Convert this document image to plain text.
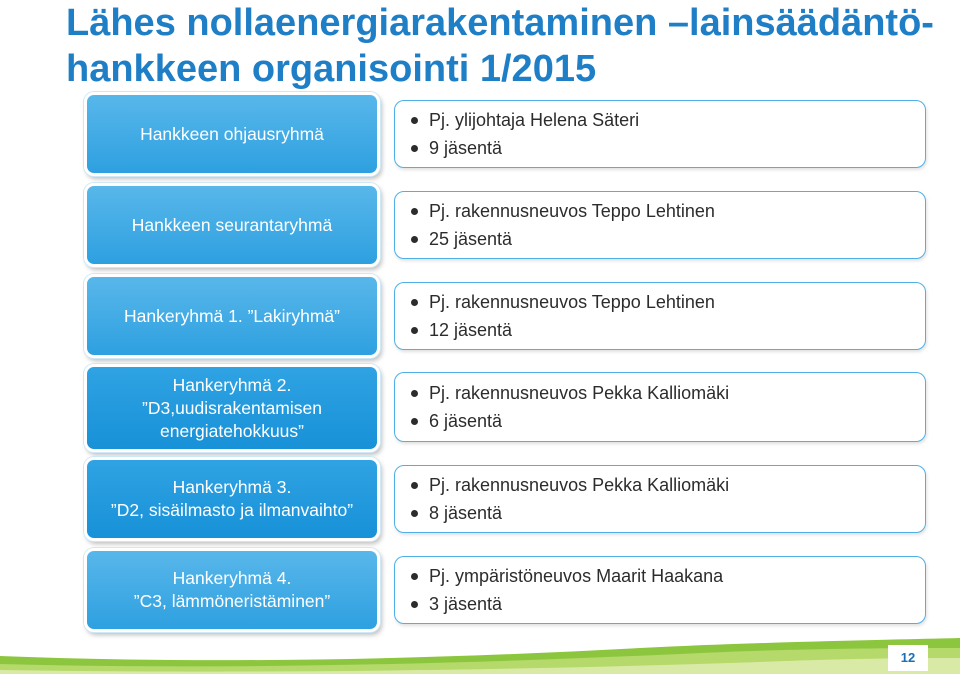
Lähes nollaenergiarakentaminen –lainsäädäntö-hankkeen organisointi 1/2015
Hankkeen ohjausryhmä
Pj. ylijohtaja Helena Säteri
9 jäsentä
Hankkeen seurantaryhmä
Pj. rakennusneuvos Teppo Lehtinen
25 jäsentä
Hankeryhmä 1. ”Lakiryhmä”
Pj. rakennusneuvos Teppo Lehtinen
12 jäsentä
Hankeryhmä 2.
”D3,uudisrakentamisen
energiatehokkuus”
Pj. rakennusneuvos Pekka Kalliomäki
6 jäsentä
Hankeryhmä 3.
”D2, sisäilmasto ja ilmanvaihto”
Pj. rakennusneuvos Pekka Kalliomäki
8 jäsentä
Hankeryhmä 4.
”C3, lämmöneristäminen”
Pj. ympäristöneuvos Maarit Haakana
3 jäsentä
12
